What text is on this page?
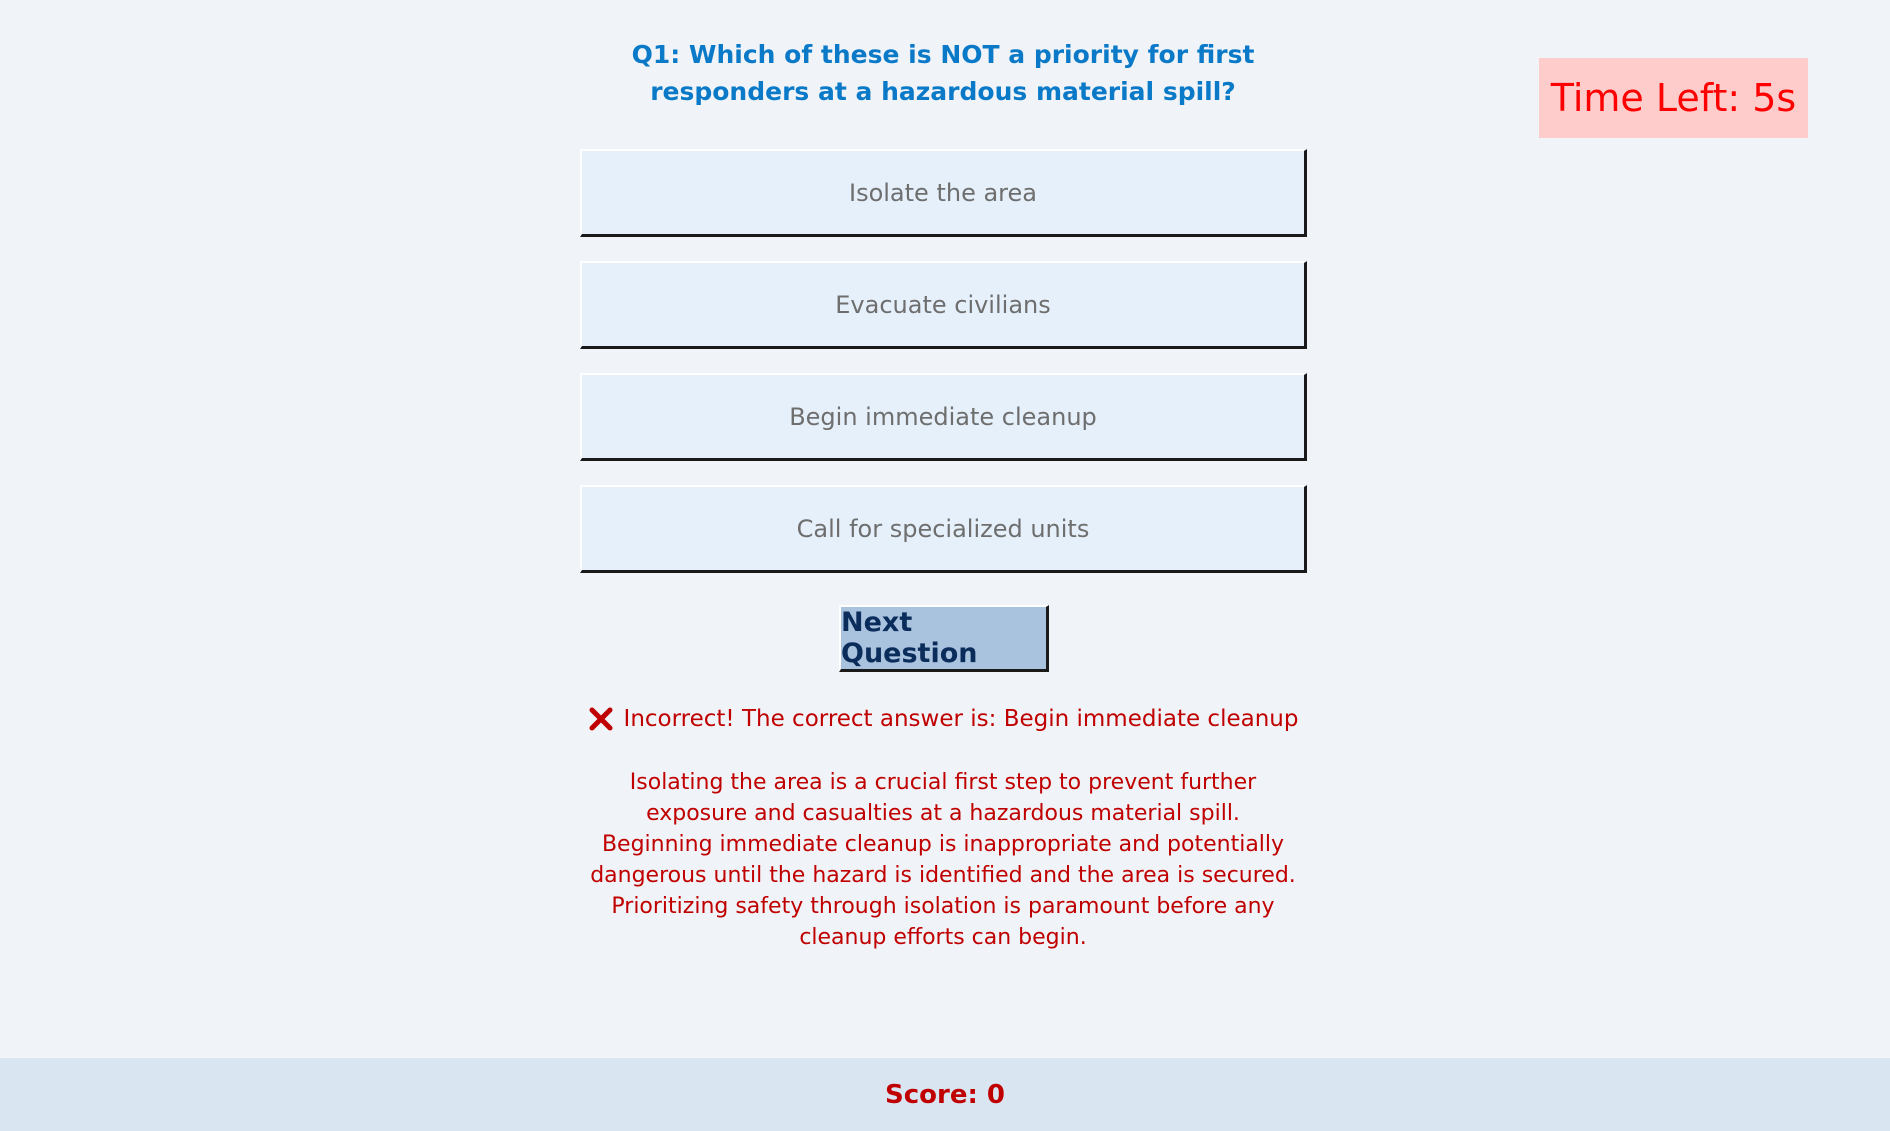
Time Left: 5s
Q1: Which of these is NOT a priority for first responders at a hazardous material spill?
Isolate the area
Evacuate civilians
Begin immediate cleanup
Call for specialized units
Next Question
Incorrect! The correct answer is: Begin immediate cleanup
Isolating the area is a crucial first step to prevent further exposure and casualties at a hazardous material spill.  Beginning immediate cleanup is inappropriate and potentially dangerous until the hazard is identified and the area is secured.  Prioritizing safety through isolation is paramount before any cleanup efforts can begin.
Score: 0
